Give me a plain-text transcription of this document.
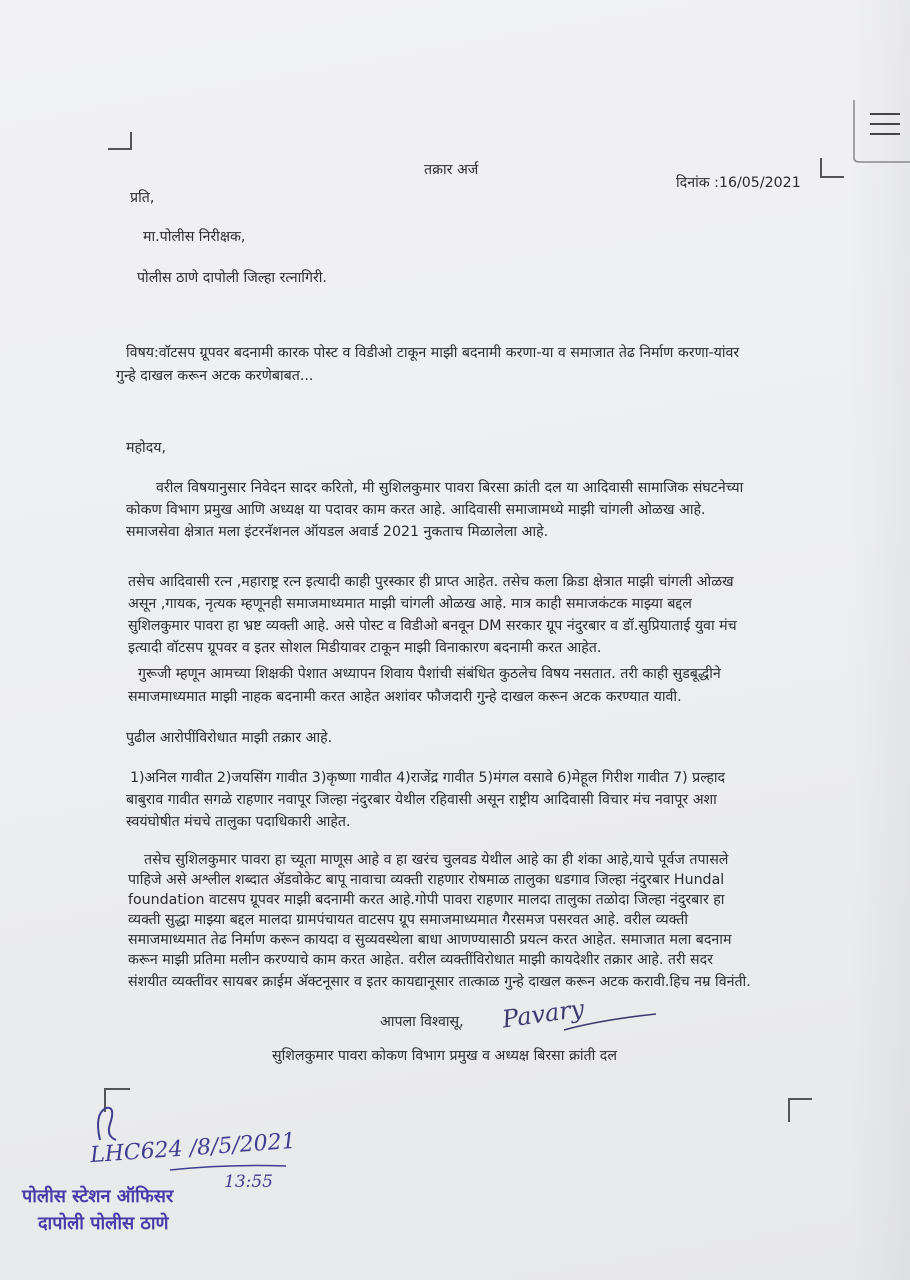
तक्रार अर्ज
दिनांक :16/05/2021
प्रति,
मा.पोलीस निरीक्षक,
पोलीस ठाणे दापोली जिल्हा रत्नागिरी.
विषय:वॉटसप ग्रूपवर बदनामी कारक पोस्ट व विडीओ टाकून माझी बदनामी करणा-या व समाजात तेढ निर्माण करणा-यांवर
गुन्हे दाखल करून अटक करणेबाबत...
महोदय,
वरील विषयानुसार निवेदन सादर करितो, मी सुशिलकुमार पावरा बिरसा क्रांती दल या आदिवासी सामाजिक संघटनेच्या
कोकण विभाग प्रमुख आणि अध्यक्ष या पदावर काम करत आहे. आदिवासी समाजामध्ये माझी चांगली ओळख आहे.
समाजसेवा क्षेत्रात मला इंटरनॅशनल ऑयडल अवार्ड 2021 नुकताच मिळालेला आहे.
तसेच आदिवासी रत्न ,महाराष्ट्र रत्न इत्यादी काही पुरस्कार ही प्राप्त आहेत. तसेच कला क्रिडा क्षेत्रात माझी चांगली ओळख
असून ,गायक, नृत्यक म्हणूनही समाजमाध्यमात माझी चांगली ओळख आहे. मात्र काही समाजकंटक माझ्या बद्दल
सुशिलकुमार पावरा हा भ्रष्ट व्यक्ती आहे. असे पोस्ट व विडीओ बनवून DM सरकार ग्रूप नंदुरबार व डॉ.सुप्रियाताई युवा मंच
इत्यादी वॉटसप ग्रूपवर व इतर सोशल मिडीयावर टाकून माझी विनाकारण बदनामी करत आहेत.
गुरूजी म्हणून आमच्या शिक्षकी पेशात अध्यापन शिवाय पैशांची संबंधित कुठलेच विषय नसतात. तरी काही सुडबूद्धीने
समाजमाध्यमात माझी नाहक बदनामी करत आहेत अशांवर फौजदारी गुन्हे दाखल करून अटक करण्यात यावी.
पुढील आरोपींविरोधात माझी तक्रार आहे.
1)अनिल गावीत 2)जयसिंग गावीत 3)कृष्णा गावीत 4)राजेंद्र गावीत 5)मंगल वसावे 6)मेहूल गिरीश गावीत 7) प्रल्हाद
बाबुराव गावीत सगळे राहणार नवापूर जिल्हा नंदुरबार येथील रहिवासी असून राष्ट्रीय आदिवासी विचार मंच नवापूर अशा
स्वयंघोषीत मंचचे तालुका पदाधिकारी आहेत.
तसेच सुशिलकुमार पावरा हा च्यूता माणूस आहे व हा खरंच चुलवड येथील आहे का ही शंका आहे,याचे पूर्वज तपासले
पाहिजे असे अश्लील शब्दात ॲडवोकेट बापू नावाचा व्यक्ती राहणार रोषमाळ तालुका धडगाव जिल्हा नंदुरबार Hundal
foundation वाटसप ग्रूपवर माझी बदनामी करत आहे.गोपी पावरा राहणार मालदा तालुका तळोदा जिल्हा नंदुरबार हा
व्यक्ती सुद्धा माझ्या बद्दल मालदा ग्रामपंचायत वाटसप ग्रूप समाजमाध्यमात गैरसमज पसरवत आहे. वरील व्यक्ती
समाजमाध्यमात तेढ निर्माण करून कायदा व सुव्यवस्थेला बाधा आणण्यासाठी प्रयत्न करत आहेत. समाजात मला बदनाम
करून माझी प्रतिमा मलीन करण्याचे काम करत आहेत. वरील व्यक्तींविरोधात माझी कायदेशीर तक्रार आहे. तरी सदर
संशयीत व्यक्तींवर सायबर क्राईम ॲक्टनूसार व इतर कायद्यानूसार तात्काळ गुन्हे दाखल करून अटक करावी.हिच नम्र विनंती.
आपला विश्वासू, Pavary
सुशिलकुमार पावरा कोकण विभाग प्रमुख व अध्यक्ष बिरसा क्रांती दल
LHC624 /8/5/2021
13:55
पोलीस स्टेशन ऑफिसर
दापोली पोलीस ठाणे
